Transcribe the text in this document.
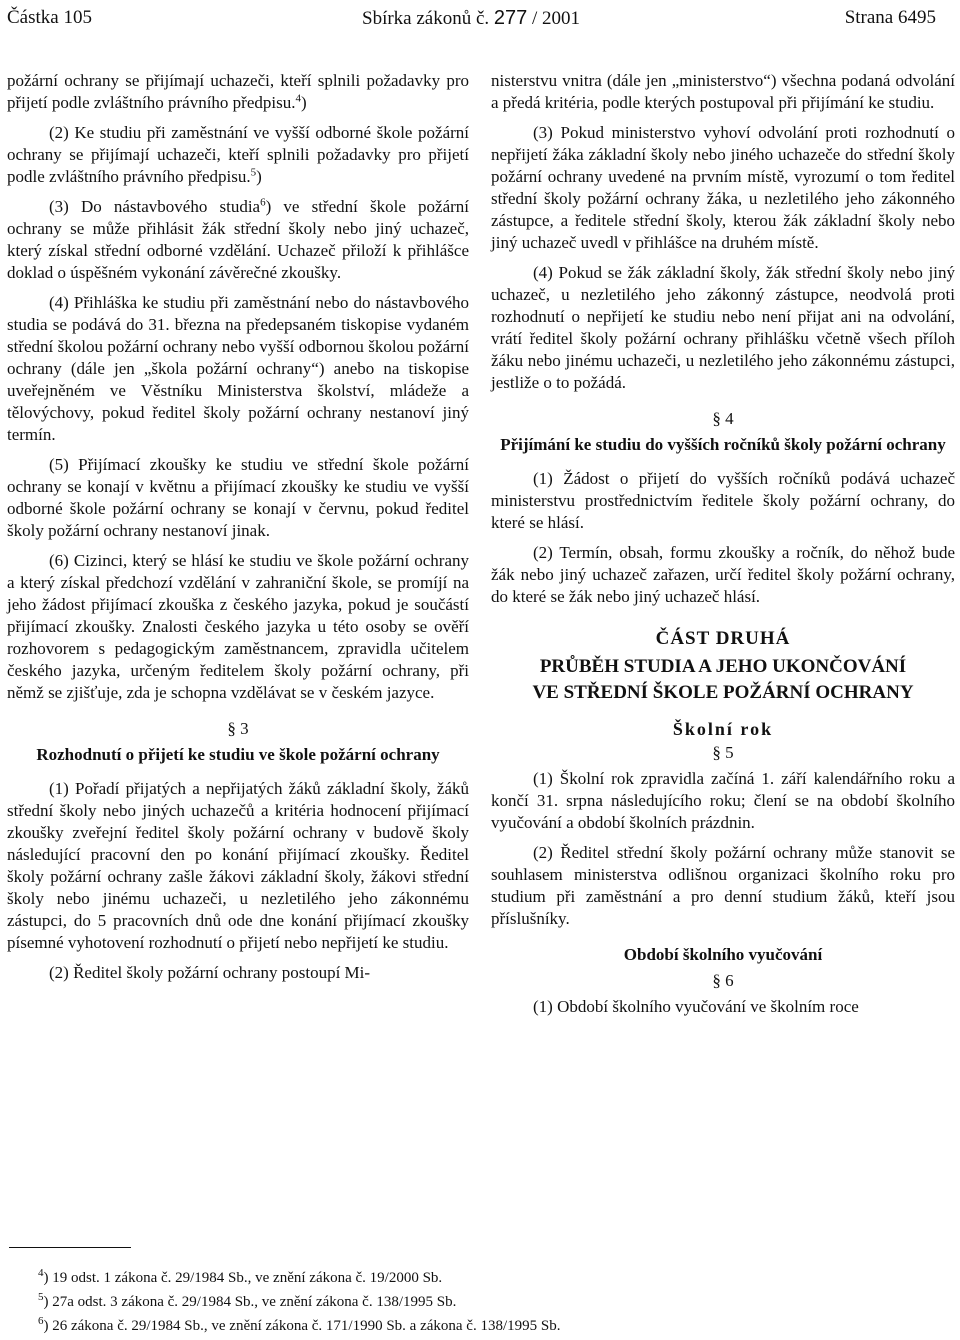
Částka 105	Sbírka zákonů č. 277 / 2001	Strana 6495

požární ochrany se přijímají uchazeči, kteří splnili požadavky pro přijetí podle zvláštního právního předpisu.$^4$)

(2) Ke studiu při zaměstnání ve vyšší odborné škole požární ochrany se přijímají uchazeči, kteří splnili požadavky pro přijetí podle zvláštního právního předpisu.$^5$)

(3) Do nástavbového studia$^6$) ve střední škole požární ochrany se může přihlásit žák střední školy nebo jiný uchazeč, který získal střední odborné vzdělání. Uchazeč přiloží k přihlášce doklad o úspěšném vykonání závěrečné zkoušky.

(4) Přihláška ke studiu při zaměstnání nebo do nástavbového studia se podává do 31. března na předepsaném tiskopise vydaném střední školou požární ochrany nebo vyšší odbornou školou požární ochrany (dále jen „škola požární ochrany“) anebo na tiskopise uveřejněném ve Věstníku Ministerstva školství, mládeže a tělovýchovy, pokud ředitel školy požární ochrany nestanoví jiný termín.

(5) Přijímací zkoušky ke studiu ve střední škole požární ochrany se konají v květnu a přijímací zkoušky ke studiu ve vyšší odborné škole požární ochrany se konají v červnu, pokud ředitel školy požární ochrany nestanoví jinak.

(6) Cizinci, který se hlásí ke studiu ve škole požární ochrany a který získal předchozí vzdělání v zahraniční škole, se promíjí na jeho žádost přijímací zkouška z českého jazyka, pokud je součástí přijímací zkoušky. Znalosti českého jazyka u této osoby se ověří rozhovorem s pedagogickým zaměstnancem, zpravidla učitelem českého jazyka, určeným ředitelem školy požární ochrany, při němž se zjišťuje, zda je schopna vzdělávat se v českém jazyce.

§ 3
Rozhodnutí o přijetí ke studiu ve škole požární ochrany

(1) Pořadí přijatých a nepřijatých žáků základní školy, žáků střední školy nebo jiných uchazečů a kritéria hodnocení přijímací zkoušky zveřejní ředitel školy požární ochrany v budově školy následující pracovní den po konání přijímací zkoušky. Ředitel školy požární ochrany zašle žákovi základní školy, žákovi střední školy nebo jinému uchazeči, u nezletilého jeho zákonnému zástupci, do 5 pracovních dnů ode dne konání přijímací zkoušky písemné vyhotovení rozhodnutí o přijetí nebo nepřijetí ke studiu.

(2) Ředitel školy požární ochrany postoupí Mi-

nisterstvu vnitra (dále jen „ministerstvo“) všechna podaná odvolání a předá kritéria, podle kterých postupoval při přijímání ke studiu.

(3) Pokud ministerstvo vyhoví odvolání proti rozhodnutí o nepřijetí žáka základní školy nebo jiného uchazeče do střední školy požární ochrany uvedené na prvním místě, vyrozumí o tom ředitel střední školy požární ochrany žáka, u nezletilého jeho zákonného zástupce, a ředitele střední školy, kterou žák základní školy nebo jiný uchazeč uvedl v přihlášce na druhém místě.

(4) Pokud se žák základní školy, žák střední školy nebo jiný uchazeč, u nezletilého jeho zákonný zástupce, neodvolá proti rozhodnutí o nepřijetí ke studiu nebo není přijat ani na odvolání, vrátí ředitel školy požární ochrany přihlášku včetně všech příloh žáku nebo jinému uchazeči, u nezletilého jeho zákonnému zástupci, jestliže o to požádá.

§ 4
Přijímání ke studiu do vyšších ročníků školy požární ochrany

(1) Žádost o přijetí do vyšších ročníků podává uchazeč ministerstvu prostřednictvím ředitele školy požární ochrany, do které se hlásí.

(2) Termín, obsah, formu zkoušky a ročník, do něhož bude žák nebo jiný uchazeč zařazen, určí ředitel školy požární ochrany, do které se žák nebo jiný uchazeč hlásí.

ČÁST DRUHÁ
PRŮBĚH STUDIA A JEHO UKONČOVÁNÍ
VE STŘEDNÍ ŠKOLE POŽÁRNÍ OCHRANY
Školní rok
§ 5

(1) Školní rok zpravidla začíná 1. září kalendářního roku a končí 31. srpna následujícího roku; člení se na období školního vyučování a období školních prázdnin.

(2) Ředitel střední školy požární ochrany může stanovit se souhlasem ministerstva odlišnou organizaci školního roku pro studium při zaměstnání a pro denní studium žáků, kteří jsou příslušníky.

Období školního vyučování
§ 6

(1) Období školního vyučování ve školním roce

$^4$) 19 odst. 1 zákona č. 29/1984 Sb., ve znění zákona č. 19/2000 Sb.
$^5$) 27a odst. 3 zákona č. 29/1984 Sb., ve znění zákona č. 138/1995 Sb.
$^6$) 26 zákona č. 29/1984 Sb., ve znění zákona č. 171/1990 Sb. a zákona č. 138/1995 Sb.
